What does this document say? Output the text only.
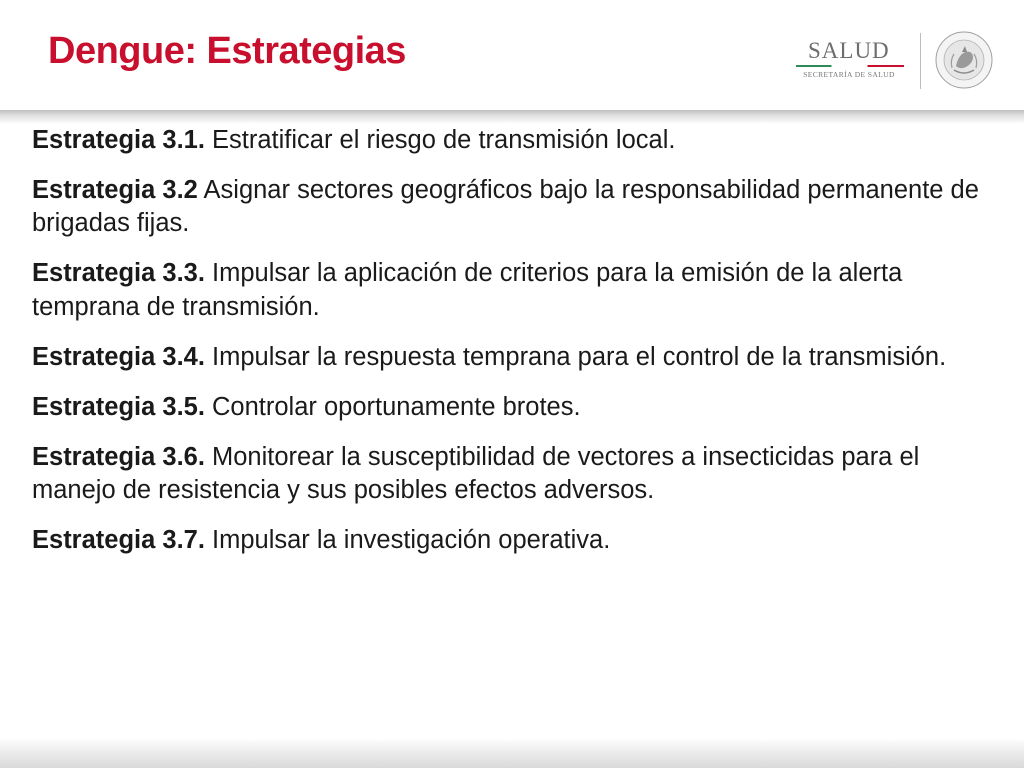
Dengue: Estrategias	SALUD
SECRETARÍA DE SALUD

Estrategia 3.1. Estratificar el riesgo de transmisión local.

Estrategia 3.2 Asignar sectores geográficos bajo la responsabilidad permanente de brigadas fijas.

Estrategia 3.3. Impulsar la aplicación de criterios para la emisión de la alerta temprana de transmisión.

Estrategia 3.4. Impulsar la respuesta temprana para el control de la transmisión.

Estrategia 3.5. Controlar oportunamente brotes.

Estrategia 3.6. Monitorear la susceptibilidad de vectores a insecticidas para el manejo de resistencia y sus posibles efectos adversos.

Estrategia 3.7. Impulsar la investigación operativa.
